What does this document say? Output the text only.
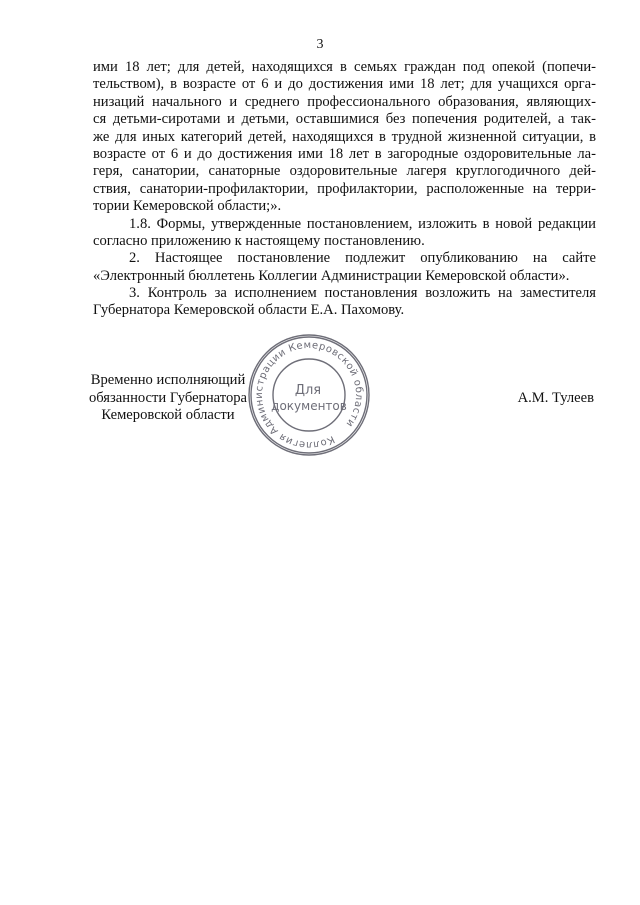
3
ими 18 лет; для детей, находящихся в семьях граждан под опекой (попечи-
тельством), в возрасте от 6 и до достижения ими 18 лет; для учащихся орга-
низаций начального и среднего профессионального образования, являющих-
ся детьми-сиротами и детьми, оставшимися без попечения родителей, а так-
же для иных категорий детей, находящихся в трудной жизненной ситуации, в
возрасте от 6 и до достижения ими 18 лет в загородные оздоровительные ла-
геря, санатории, санаторные оздоровительные лагеря круглогодичного дей-
ствия, санатории-профилактории, профилактории, расположенные на терри-
тории Кемеровской области;».
1.8. Формы, утвержденные постановлением, изложить в новой редакции
согласно приложению к настоящему постановлению.
2. Настоящее постановление подлежит опубликованию на сайте
«Электронный бюллетень Коллегии Администрации Кемеровской области».
3. Контроль за исполнением постановления возложить на заместителя
Губернатора Кемеровской области Е.А. Пахомову.
Коллегия Администрации Кемеровской области
Для
документов
Временно исполняющий
обязанности Губернатора
Кемеровской области
А.М. Тулеев
